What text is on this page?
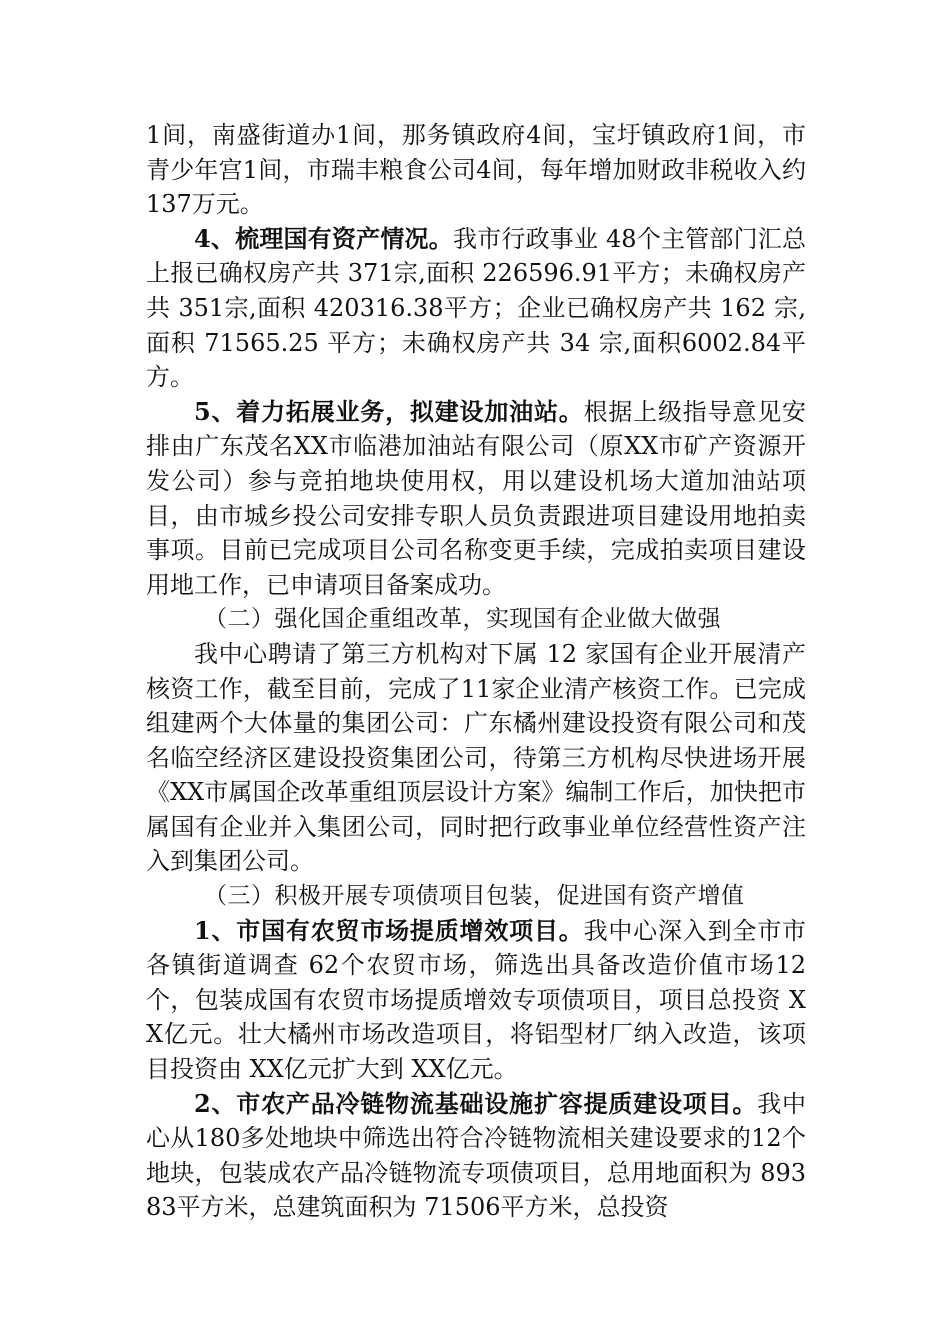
1间，南盛街道办1间，那务镇政府4间，宝圩镇政府1间，市青少年宫1间，市瑞丰粮食公司4间，每年增加财政非税收入约137万元。

4、梳理国有资产情况。我市行政事业 48个主管部门汇总上报已确权房产共 371宗,面积 226596.91平方；未确权房产共 351宗,面积 420316.38平方；企业已确权房产共 162 宗,面积 71565.25 平方；未确权房产共 34 宗,面积6002.84平方。

5、着力拓展业务，拟建设加油站。根据上级指导意见安排由广东茂名XX市临港加油站有限公司（原XX市矿产资源开发公司）参与竞拍地块使用权，用以建设机场大道加油站项目，由市城乡投公司安排专职人员负责跟进项目建设用地拍卖事项。目前已完成项目公司名称变更手续，完成拍卖项目建设用地工作，已申请项目备案成功。

（二）强化国企重组改革，实现国有企业做大做强

我中心聘请了第三方机构对下属 12 家国有企业开展清产核资工作，截至目前，完成了11家企业清产核资工作。已完成组建两个大体量的集团公司：广东橘州建设投资有限公司和茂名临空经济区建设投资集团公司，待第三方机构尽快进场开展《XX市属国企改革重组顶层设计方案》编制工作后，加快把市属国有企业并入集团公司，同时把行政事业单位经营性资产注入到集团公司。

（三）积极开展专项债项目包装，促进国有资产增值

1、市国有农贸市场提质增效项目。我中心深入到全市市各镇街道调查 62个农贸市场，筛选出具备改造价值市场12个，包装成国有农贸市场提质增效专项债项目，项目总投资 XX亿元。壮大橘州市场改造项目，将铝型材厂纳入改造，该项目投资由 XX亿元扩大到 XX亿元。

2、市农产品冷链物流基础设施扩容提质建设项目。我中心从180多处地块中筛选出符合冷链物流相关建设要求的12个地块，包装成农产品冷链物流专项债项目，总用地面积为 89383平方米，总建筑面积为 71506平方米，总投资
